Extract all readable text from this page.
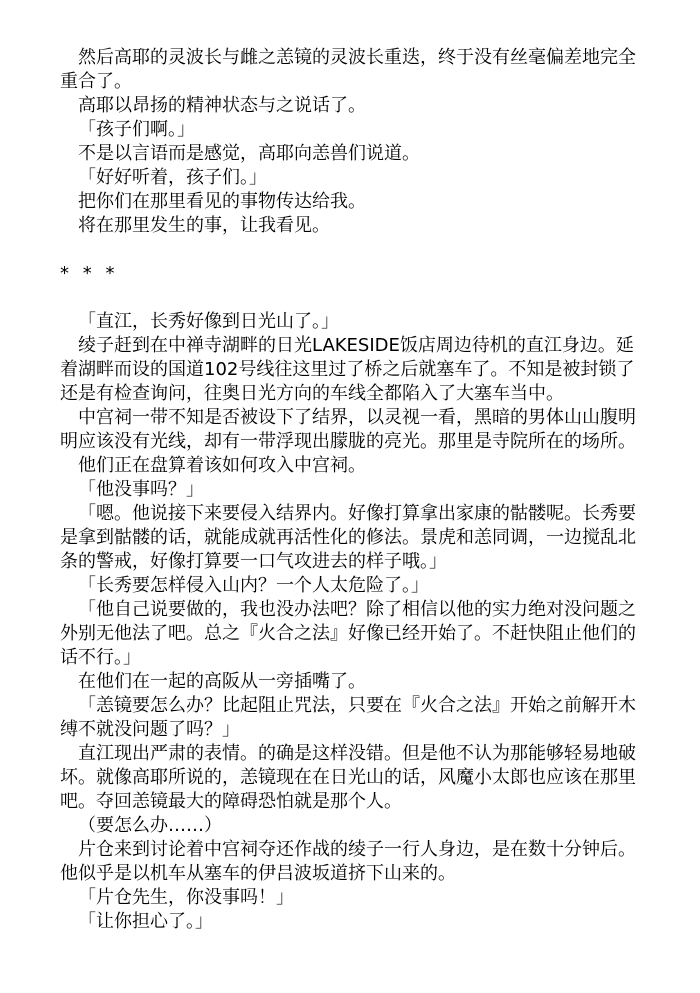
然后高耶的灵波长与雌之恙镜的灵波长重迭，终于没有丝毫偏差地完全重合了。

高耶以昂扬的精神状态与之说话了。

「孩子们啊。」

不是以言语而是感觉，高耶向恙兽们说道。

「好好听着，孩子们。」

把你们在那里看见的事物传达给我。

将在那里发生的事，让我看见。

* * *

「直江，长秀好像到日光山了。」

绫子赶到在中禅寺湖畔的日光LAKESIDE饭店周边待机的直江身边。延着湖畔而设的国道102号线往这里过了桥之后就塞车了。不知是被封锁了还是有检查询问，往奥日光方向的车线全都陷入了大塞车当中。

中宫祠一带不知是否被设下了结界，以灵视一看，黑暗的男体山山腹明明应该没有光线，却有一带浮现出朦胧的亮光。那里是寺院所在的场所。

他们正在盘算着该如何攻入中宫祠。

「他没事吗？」

「嗯。他说接下来要侵入结界内。好像打算拿出家康的骷髅呢。长秀要是拿到骷髅的话，就能成就再活性化的修法。景虎和恙同调，一边搅乱北条的警戒，好像打算要一口气攻进去的样子哦。」

「长秀要怎样侵入山内？一个人太危险了。」

「他自己说要做的，我也没办法吧？除了相信以他的实力绝对没问题之外别无他法了吧。总之『火合之法』好像已经开始了。不赶快阻止他们的话不行。」

在他们在一起的高阪从一旁插嘴了。

「恙镜要怎么办？比起阻止咒法，只要在『火合之法』开始之前解开木缚不就没问题了吗？」

直江现出严肃的表情。的确是这样没错。但是他不认为那能够轻易地破坏。就像高耶所说的，恙镜现在在日光山的话，风魔小太郎也应该在那里吧。夺回恙镜最大的障碍恐怕就是那个人。

（要怎么办……）

片仓来到讨论着中宫祠夺还作战的绫子一行人身边，是在数十分钟后。他似乎是以机车从塞车的伊吕波坂道挤下山来的。

「片仓先生，你没事吗！」

「让你担心了。」
